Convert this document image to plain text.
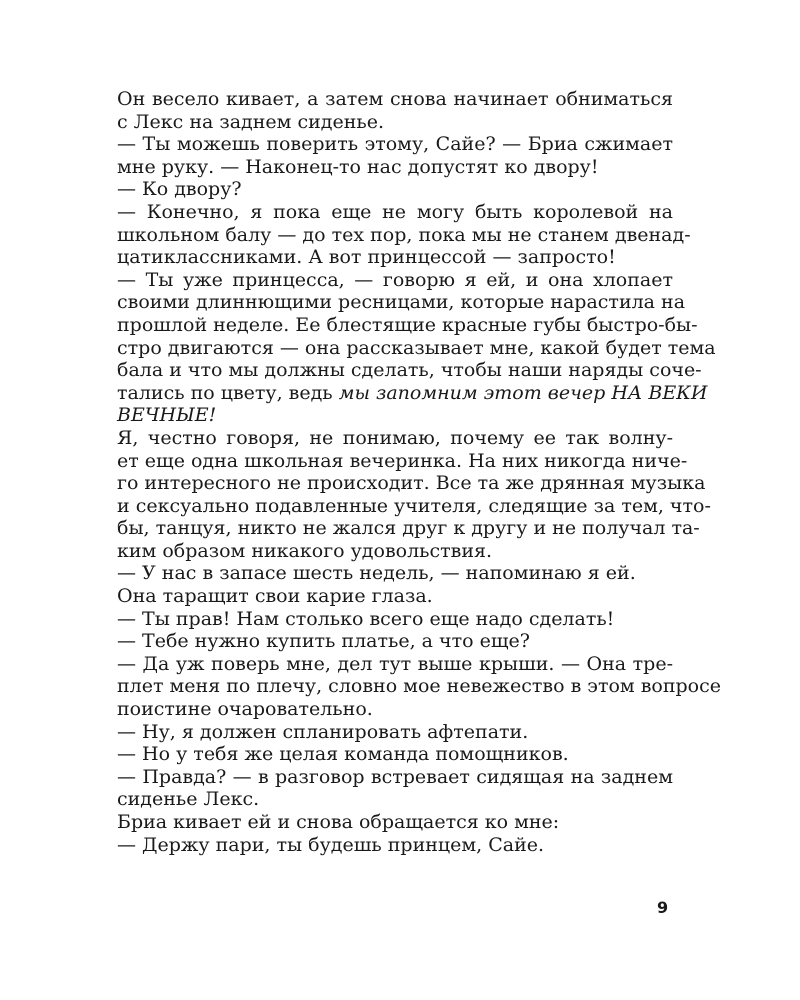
Он весело кивает, а затем снова начинает обниматься
с Лекс на заднем сиденье.
— Ты можешь поверить этому, Сайе? — Бриа сжимает
мне руку. — Наконец-то нас допустят ко двору!
— Ко двору?
— Конечно, я пока еще не могу быть королевой на
школьном балу — до тех пор, пока мы не станем двенад-
цатиклассниками. А вот принцессой — запросто!
— Ты уже принцесса, — говорю я ей, и она хлопает
своими длиннющими ресницами, которые нарастила на
прошлой неделе. Ее блестящие красные губы быстро-бы-
стро двигаются — она рассказывает мне, какой будет тема
бала и что мы должны сделать, чтобы наши наряды соче-
тались по цвету, ведь мы запомним этот вечер НА ВЕКИ
ВЕЧНЫЕ!
Я, честно говоря, не понимаю, почему ее так волну-
ет еще одна школьная вечеринка. На них никогда ниче-
го интересного не происходит. Все та же дрянная музыка
и сексуально подавленные учителя, следящие за тем, что-
бы, танцуя, никто не жался друг к другу и не получал та-
ким образом никакого удовольствия.
— У нас в запасе шесть недель, — напоминаю я ей.
Она таращит свои карие глаза.
— Ты прав! Нам столько всего еще надо сделать!
— Тебе нужно купить платье, а что еще?
— Да уж поверь мне, дел тут выше крыши. — Она тре-
плет меня по плечу, словно мое невежество в этом вопросе
поистине очаровательно.
— Ну, я должен спланировать афтепати.
— Но у тебя же целая команда помощников.
— Правда? — в разговор встревает сидящая на заднем
сиденье Лекс.
Бриа кивает ей и снова обращается ко мне:
— Держу пари, ты будешь принцем, Сайе.
9
